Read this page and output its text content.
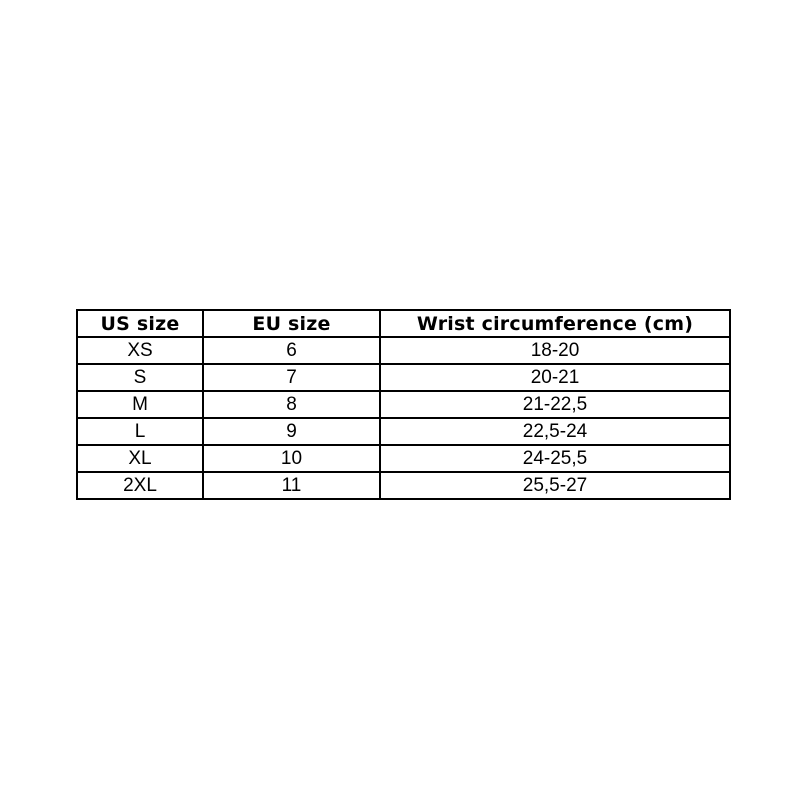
US size	EU size	Wrist circumference (cm)
XS	6	18-20
S	7	20-21
M	8	21-22,5
L	9	22,5-24
XL	10	24-25,5
2XL	11	25,5-27
